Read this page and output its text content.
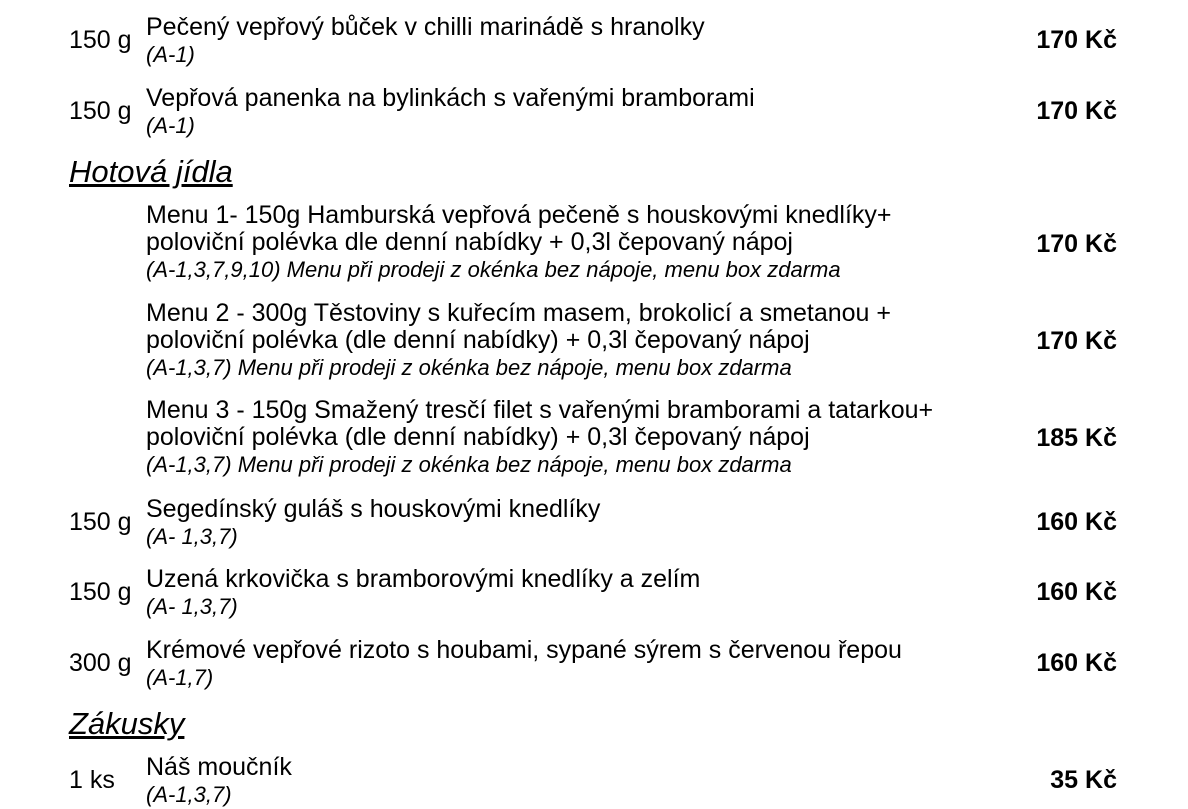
150 g Pečený vepřový bůček v chilli marinádě s hranolky
(A-1)
170 Kč
150 g Vepřová panenka na bylinkách s vařenými bramborami
(A-1)
170 Kč
Hotová jídla
Menu 1- 150g Hamburská vepřová pečeně s houskovými knedlíky+
poloviční polévka dle denní nabídky + 0,3l čepovaný nápoj
(A-1,3,7,9,10) Menu při prodeji z okénka bez nápoje, menu box zdarma
170 Kč
Menu 2 - 300g Těstoviny s kuřecím masem, brokolicí a smetanou +
poloviční polévka (dle denní nabídky) + 0,3l čepovaný nápoj
(A-1,3,7) Menu při prodeji z okénka bez nápoje, menu box zdarma
170 Kč
Menu 3 - 150g Smažený tresčí filet s vařenými bramborami a tatarkou+
poloviční polévka (dle denní nabídky) + 0,3l čepovaný nápoj
(A-1,3,7) Menu při prodeji z okénka bez nápoje, menu box zdarma
185 Kč
150 g Segedínský guláš s houskovými knedlíky
(A- 1,3,7)
160 Kč
150 g Uzená krkovička s bramborovými knedlíky a zelím
(A- 1,3,7)
160 Kč
300 g Krémové vepřové rizoto s houbami, sypané sýrem s červenou řepou
(A-1,7)
160 Kč
Zákusky
1 ks Náš moučník
(A-1,3,7)
35 Kč
